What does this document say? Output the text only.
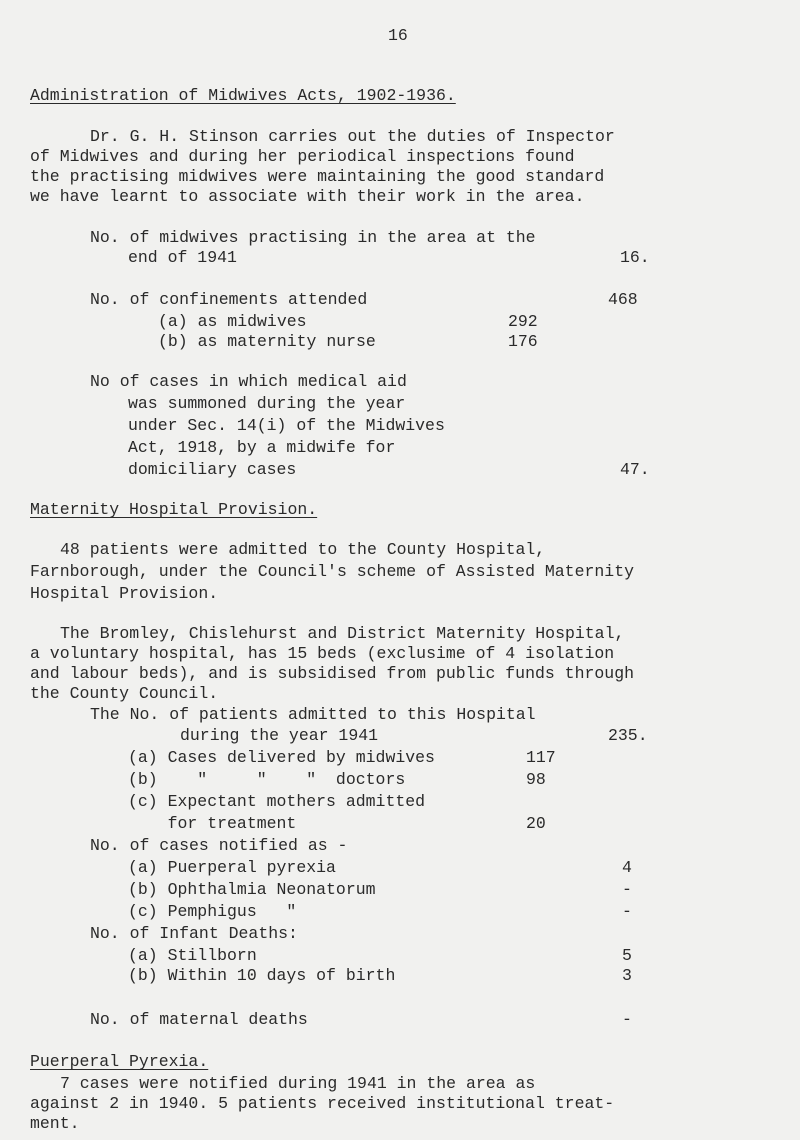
16
Administration of Midwives Acts, 1902-1936.
Dr. G. H. Stinson carries out the duties of Inspector
of Midwives and during her periodical inspections found
the practising midwives were maintaining the good standard
we have learnt to associate with their work in the area.
No. of midwives practising in the area at the
end of 1941	16.
No. of confinements attended	468
(a) as midwives	292
(b) as maternity nurse	176
No of cases in which medical aid
was summoned during the year
under Sec. 14(i) of the Midwives
Act, 1918, by a midwife for
domiciliary cases	47.
Maternity Hospital Provision.
48 patients were admitted to the County Hospital,
Farnborough, under the Council's scheme of Assisted Maternity
Hospital Provision.
The Bromley, Chislehurst and District Maternity Hospital,
a voluntary hospital, has 15 beds (exclusime of 4 isolation
and labour beds), and is subsidised from public funds through
the County Council.
The No. of patients admitted to this Hospital
during the year 1941	235.
(a) Cases delivered by midwives	117
(b)    "     "    "  doctors	98
(c) Expectant mothers admitted
for treatment	20
No. of cases notified as -
(a) Puerperal pyrexia	4
(b) Ophthalmia Neonatorum	-
(c) Pemphigus   "	-
No. of Infant Deaths:
(a) Stillborn	5
(b) Within 10 days of birth	3
No. of maternal deaths	-
Puerperal Pyrexia.
7 cases were notified during 1941 in the area as
against 2 in 1940. 5 patients received institutional treat-
ment.
